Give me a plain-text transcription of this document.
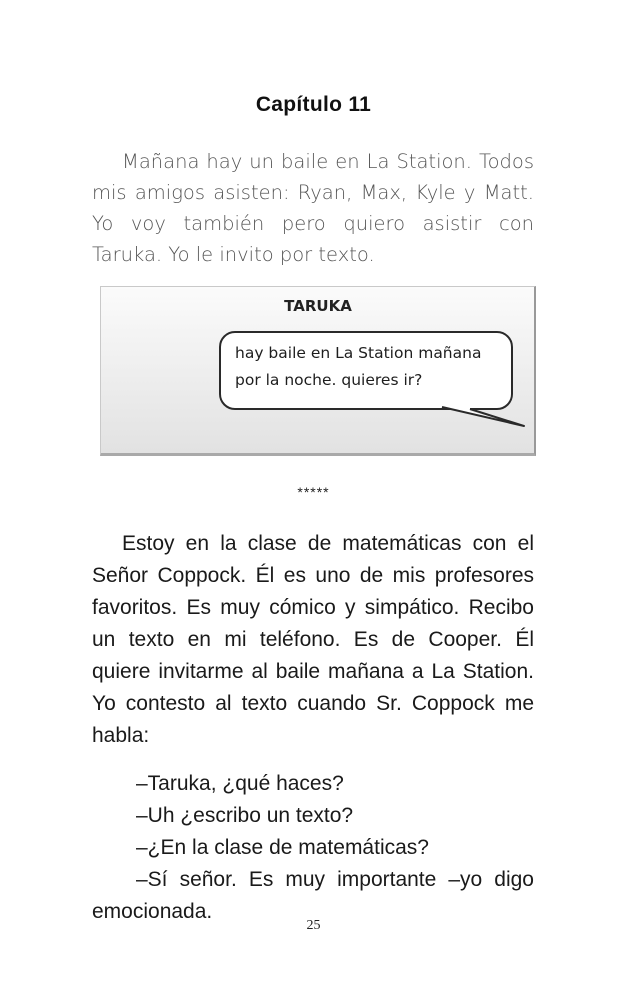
Capítulo 11

Mañana hay un baile en La Station. Todos mis amigos asisten: Ryan, Max, Kyle y Matt. Yo voy también pero quiero asistir con Taruka. Yo le invito por texto.

TARUKA
hay baile en La Station mañana
por la noche. quieres ir?
*****

Estoy en la clase de matemáticas con el Señor Coppock. Él es uno de mis profesores favoritos. Es muy cómico y simpático. Recibo un texto en mi teléfono. Es de Cooper. Él quiere invitarme al baile mañana a La Station. Yo contesto al texto cuando Sr. Coppock me habla:

–Taruka, ¿qué haces?

–Uh ¿escribo un texto?

–¿En la clase de matemáticas?

–Sí señor. Es muy importante –yo digo emocionada.

25
